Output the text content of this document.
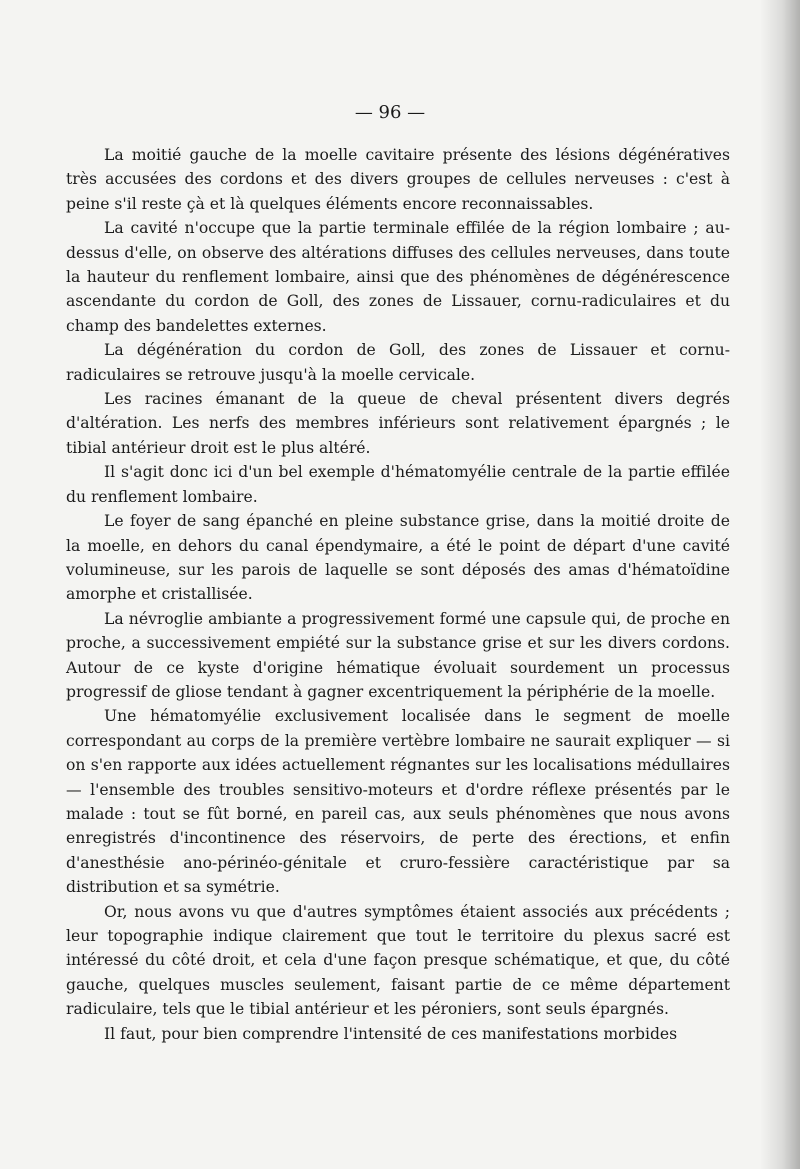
— 96 —

La moitié gauche de la moelle cavitaire présente des lésions dégénératives très accusées des cordons et des divers groupes de cellules nerveuses : c'est à peine s'il reste çà et là quelques éléments encore reconnaissables.

La cavité n'occupe que la partie terminale effilée de la région lombaire ; au-dessus d'elle, on observe des altérations diffuses des cellules nerveuses, dans toute la hauteur du renflement lombaire, ainsi que des phénomènes de dégénérescence ascendante du cordon de Goll, des zones de Lissauer, cornu-radiculaires et du champ des bandelettes externes.

La dégénération du cordon de Goll, des zones de Lissauer et cornu-radiculaires se retrouve jusqu'à la moelle cervicale.

Les racines émanant de la queue de cheval présentent divers degrés d'altération. Les nerfs des membres inférieurs sont relativement épargnés ; le tibial antérieur droit est le plus altéré.

Il s'agit donc ici d'un bel exemple d'hématomyélie centrale de la partie effilée du renflement lombaire.

Le foyer de sang épanché en pleine substance grise, dans la moitié droite de la moelle, en dehors du canal épendymaire, a été le point de départ d'une cavité volumineuse, sur les parois de laquelle se sont déposés des amas d'hématoïdine amorphe et cristallisée.

La névroglie ambiante a progressivement formé une capsule qui, de proche en proche, a successivement empiété sur la substance grise et sur les divers cordons. Autour de ce kyste d'origine hématique évoluait sourdement un processus progressif de gliose tendant à gagner excentriquement la périphérie de la moelle.

Une hématomyélie exclusivement localisée dans le segment de moelle correspondant au corps de la première vertèbre lombaire ne saurait expliquer — si on s'en rapporte aux idées actuellement régnantes sur les localisations médullaires — l'ensemble des troubles sensitivo-moteurs et d'ordre réflexe présentés par le malade : tout se fût borné, en pareil cas, aux seuls phénomènes que nous avons enregistrés d'incontinence des réservoirs, de perte des érections, et enfin d'anesthésie ano-périnéo-génitale et cruro-fessière caractéristique par sa distribution et sa symétrie.

Or, nous avons vu que d'autres symptômes étaient associés aux précédents ; leur topographie indique clairement que tout le territoire du plexus sacré est intéressé du côté droit, et cela d'une façon presque schématique, et que, du côté gauche, quelques muscles seulement, faisant partie de ce même département radiculaire, tels que le tibial antérieur et les péroniers, sont seuls épargnés.

Il faut, pour bien comprendre l'intensité de ces manifestations morbides
